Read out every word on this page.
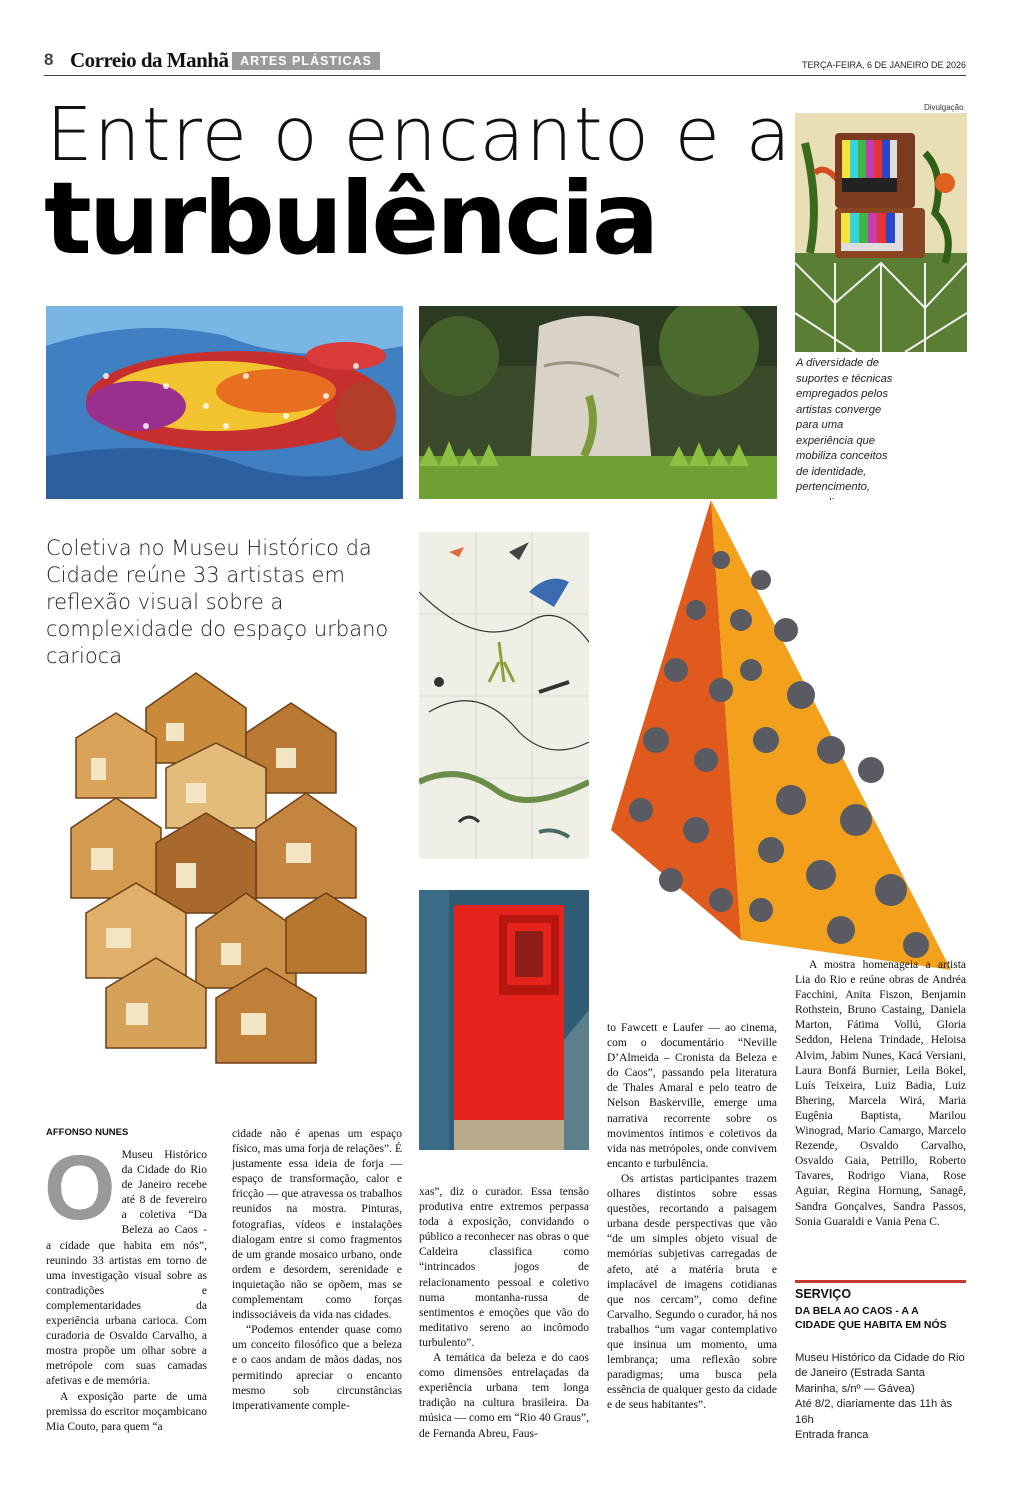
8 Correio da Manhã ARTES PLÁSTICAS	TERÇA-FEIRA, 6 DE JANEIRO DE 2026
Entre o encanto e a
turbulência
Divulgação
A diversidade de suportes e técnicas empregados pelos artistas converge para uma experiência que mobiliza conceitos de identidade, pertencimento,
Coletiva no Museu Histórico da Cidade reúne 33 artistas em reflexão visual sobre a complexidade do espaço urbano carioca
AFFONSO NUNES

O Museu Histórico da Cidade do Rio de Janeiro recebe até 8 de fevereiro a coletiva “Da Beleza ao Caos - a cidade que habita em nós”, reunindo 33 artistas em torno de uma investigação visual sobre as contradições e complementaridades da experiência urbana carioca. Com curadoria de Osvaldo Carvalho, a mostra propõe um olhar sobre a metrópole com suas camadas afetivas e de memória.

A exposição parte de uma premissa do escritor moçambicano Mia Couto, para quem “a

cidade não é apenas um espaço físico, mas uma forja de relações”. É justamente essa ideia de forja — espaço de transformação, calor e fricção — que atravessa os trabalhos reunidos na mostra. Pinturas, fotografias, vídeos e instalações dialogam entre si como fragmentos de um grande mosaico urbano, onde ordem e desordem, serenidade e inquietação não se opõem, mas se complementam como forças indissociáveis da vida nas cidades.

“Podemos entender quase como um conceito filosófico que a beleza e o caos andam de mãos dadas, nos permitindo apreciar o encanto mesmo sob circunstâncias imperativamente comple-

xas”, diz o curador. Essa tensão produtiva entre extremos perpassa toda a exposição, convidando o público a reconhecer nas obras o que Caldeira classifica como “intrincados jogos de relacionamento pessoal e coletivo numa montanha-russa de sentimentos e emoções que vão do meditativo sereno ao incômodo turbulento”.

A temática da beleza e do caos como dimensões entrelaçadas da experiência urbana tem longa tradição na cultura brasileira. Da música — como em “Rio 40 Graus”, de Fernanda Abreu, Faus-

to Fawcett e Laufer — ao cinema, com o documentário “Neville D’Almeida – Cronista da Beleza e do Caos”, passando pela literatura de Thales Amaral e pelo teatro de Nelson Baskerville, emerge uma narrativa recorrente sobre os movimentos íntimos e coletivos da vida nas metrópoles, onde convivem encanto e turbulência.

Os artistas participantes trazem olhares distintos sobre essas questões, recortando a paisagem urbana desde perspectivas que vão “de um simples objeto visual de memórias subjetivas carregadas de afeto, até a matéria bruta e implacável de imagens cotidianas que nos cercam”, como define Carvalho. Segundo o curador, há nos trabalhos “um vagar contemplativo que insinua um momento, uma lembrança; uma reflexão sobre paradigmas; uma busca pela essência de qualquer gesto da cidade e de seus habitantes”.

A mostra homenageia a artista Lia do Rio e reúne obras de Andréa Facchini, Anita Fiszon, Benjamin Rothstein, Bruno Castaing, Daniela Marton, Fátima Vollú, Gloria Seddon, Helena Trindade, Heloisa Alvim, Jabim Nunes, Kacá Versiani, Laura Bonfá Burnier, Leila Bokel, Luís Teixeira, Luiz Badia, Luiz Bhering, Marcela Wirá, Maria Eugênia Baptista, Marilou Winograd, Mario Camargo, Marcelo Rezende, Osvaldo Carvalho, Osvaldo Gaia, Petrillo, Roberto Tavares, Rodrigo Viana, Rose Aguiar, Regina Hornung, Sanagê, Sandra Gonçalves, Sandra Passos, Sonia Guaraldi e Vania Pena C.

SERVIÇO
DA BELA AO CAOS - A A CIDADE QUE HABITA EM NÓS
Museu Histórico da Cidade do Rio de Janeiro (Estrada Santa Marinha, s/nº — Gávea)
Até 8/2, diariamente das 11h às 16h
Entrada franca
